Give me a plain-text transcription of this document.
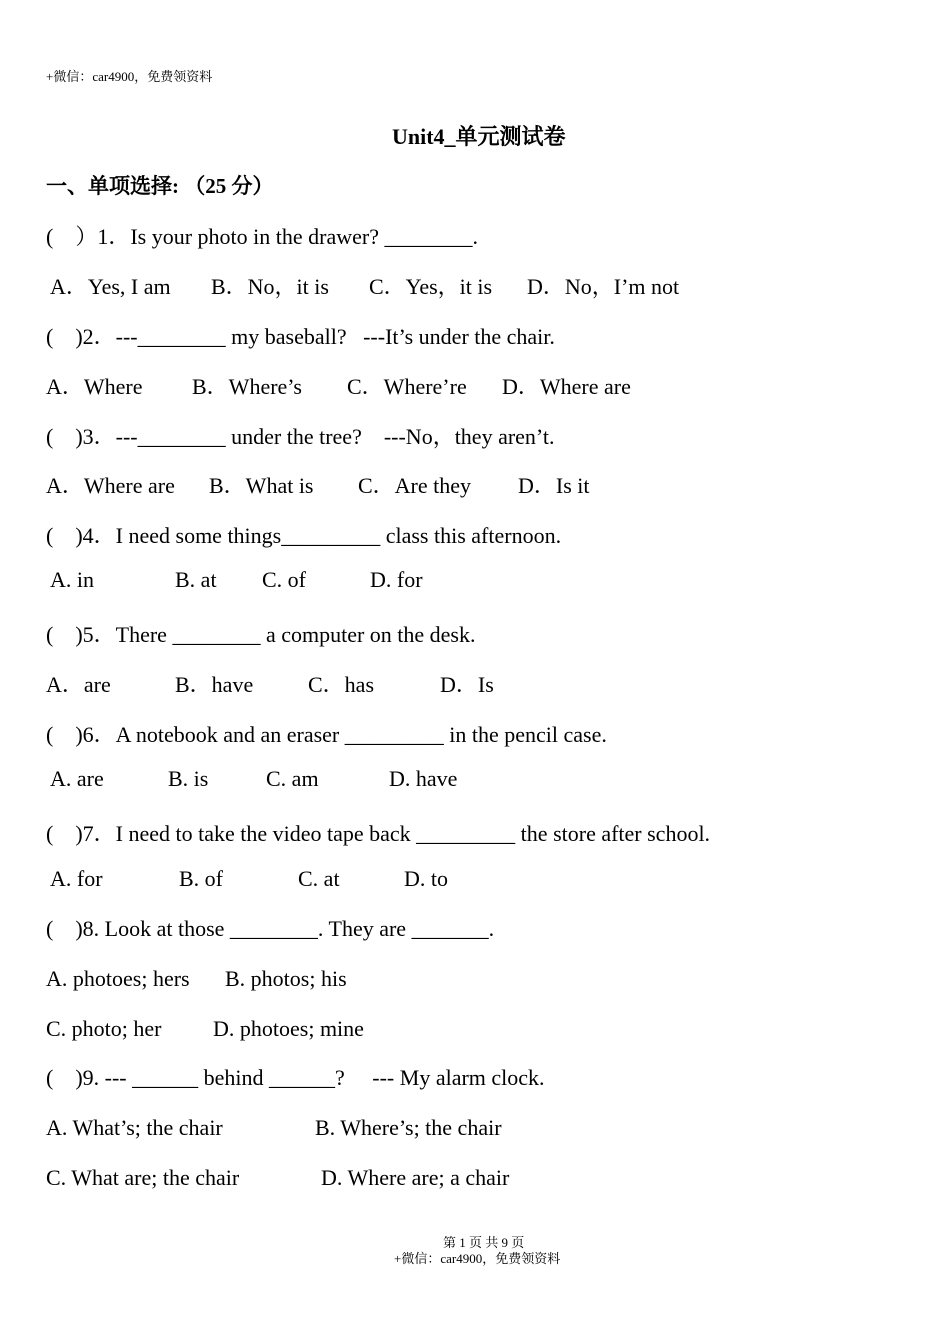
+微信：car4900，免费领资料
Unit4_单元测试卷
一、单项选择: （25 分）
(    ）1．Is your photo in the drawer? ________.
A．Yes, I am B．No，it is C．Yes，it is D．No，I’m not
(    )2．---________ my baseball?   ---It’s under the chair.
A．Where B．Where’s C．Where’re D．Where are
(    )3．---________ under the tree?    ---No，they aren’t.
A．Where are B．What is C．Are they D．Is it
(    )4．I need some things_________ class this afternoon.
A. in	B. at C. of	D. for
(    )5．There ________ a computer on the desk.
A．are	B．have C．has	D．Is
(    )6．A notebook and an eraser _________ in the pencil case.
A. are	B. is	C. am	D. have
(    )7．I need to take the video tape back _________ the store after school.
A. for	B. of	C. at	D. to
(    )8. Look at those ________. They are _______.
A. photoes; hers B. photos; his
C. photo; her D. photoes; mine
(    )9. --- ______ behind ______?     --- My alarm clock.
A. What’s; the chair	B. Where’s; the chair
C. What are; the chair	D. Where are; a chair
第 1 页 共 9 页
+微信：car4900，免费领资料
